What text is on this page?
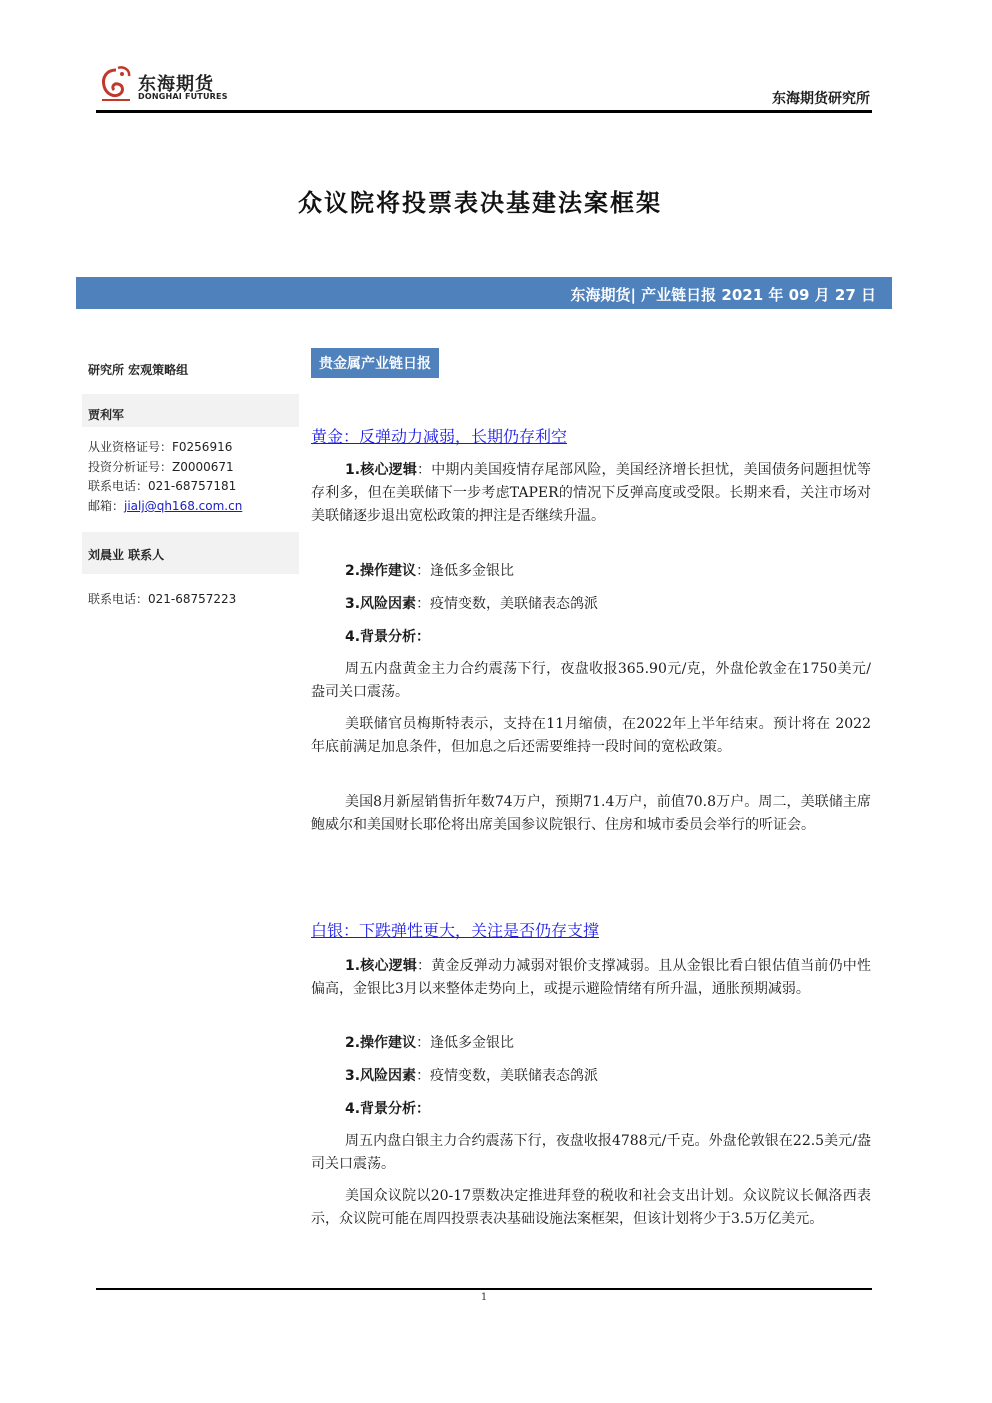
东海期货
DONGHAI FUTURES	东海期货研究所
众议院将投票表决基建法案框架
东海期货| 产业链日报 2021 年 09 月 27 日
研究所 宏观策略组
贾利军
从业资格证号：F0256916
投资分析证号：Z0000671
联系电话：021-68757181
邮箱：jialj@qh168.com.cn
刘晨业 联系人
联系电话：021-68757223
贵金属产业链日报
黄金：反弹动力减弱，长期仍存利空
1.核心逻辑：中期内美国疫情存尾部风险，美国经济增长担忧，美国债务问题担忧等存利多，但在美联储下一步考虑TAPER的情况下反弹高度或受限。长期来看，关注市场对美联储逐步退出宽松政策的押注是否继续升温。
2.操作建议：逢低多金银比
3.风险因素：疫情变数，美联储表态鸽派
4.背景分析：
周五内盘黄金主力合约震荡下行，夜盘收报365.90元/克，外盘伦敦金在1750美元/盎司关口震荡。
美联储官员梅斯特表示，支持在11月缩债，在2022年上半年结束。预计将在 2022 年底前满足加息条件，但加息之后还需要维持一段时间的宽松政策。
美国8月新屋销售折年数74万户，预期71.4万户，前值70.8万户。周二，美联储主席鲍威尔和美国财长耶伦将出席美国参议院银行、住房和城市委员会举行的听证会。
白银：下跌弹性更大，关注是否仍存支撑
1.核心逻辑：黄金反弹动力减弱对银价支撑减弱。且从金银比看白银估值当前仍中性偏高，金银比3月以来整体走势向上，或提示避险情绪有所升温，通胀预期减弱。
2.操作建议：逢低多金银比
3.风险因素：疫情变数，美联储表态鸽派
4.背景分析：
周五内盘白银主力合约震荡下行，夜盘收报4788元/千克。外盘伦敦银在22.5美元/盎司关口震荡。
美国众议院以20-17票数决定推进拜登的税收和社会支出计划。众议院议长佩洛西表示，众议院可能在周四投票表决基础设施法案框架，但该计划将少于3.5万亿美元。
1
